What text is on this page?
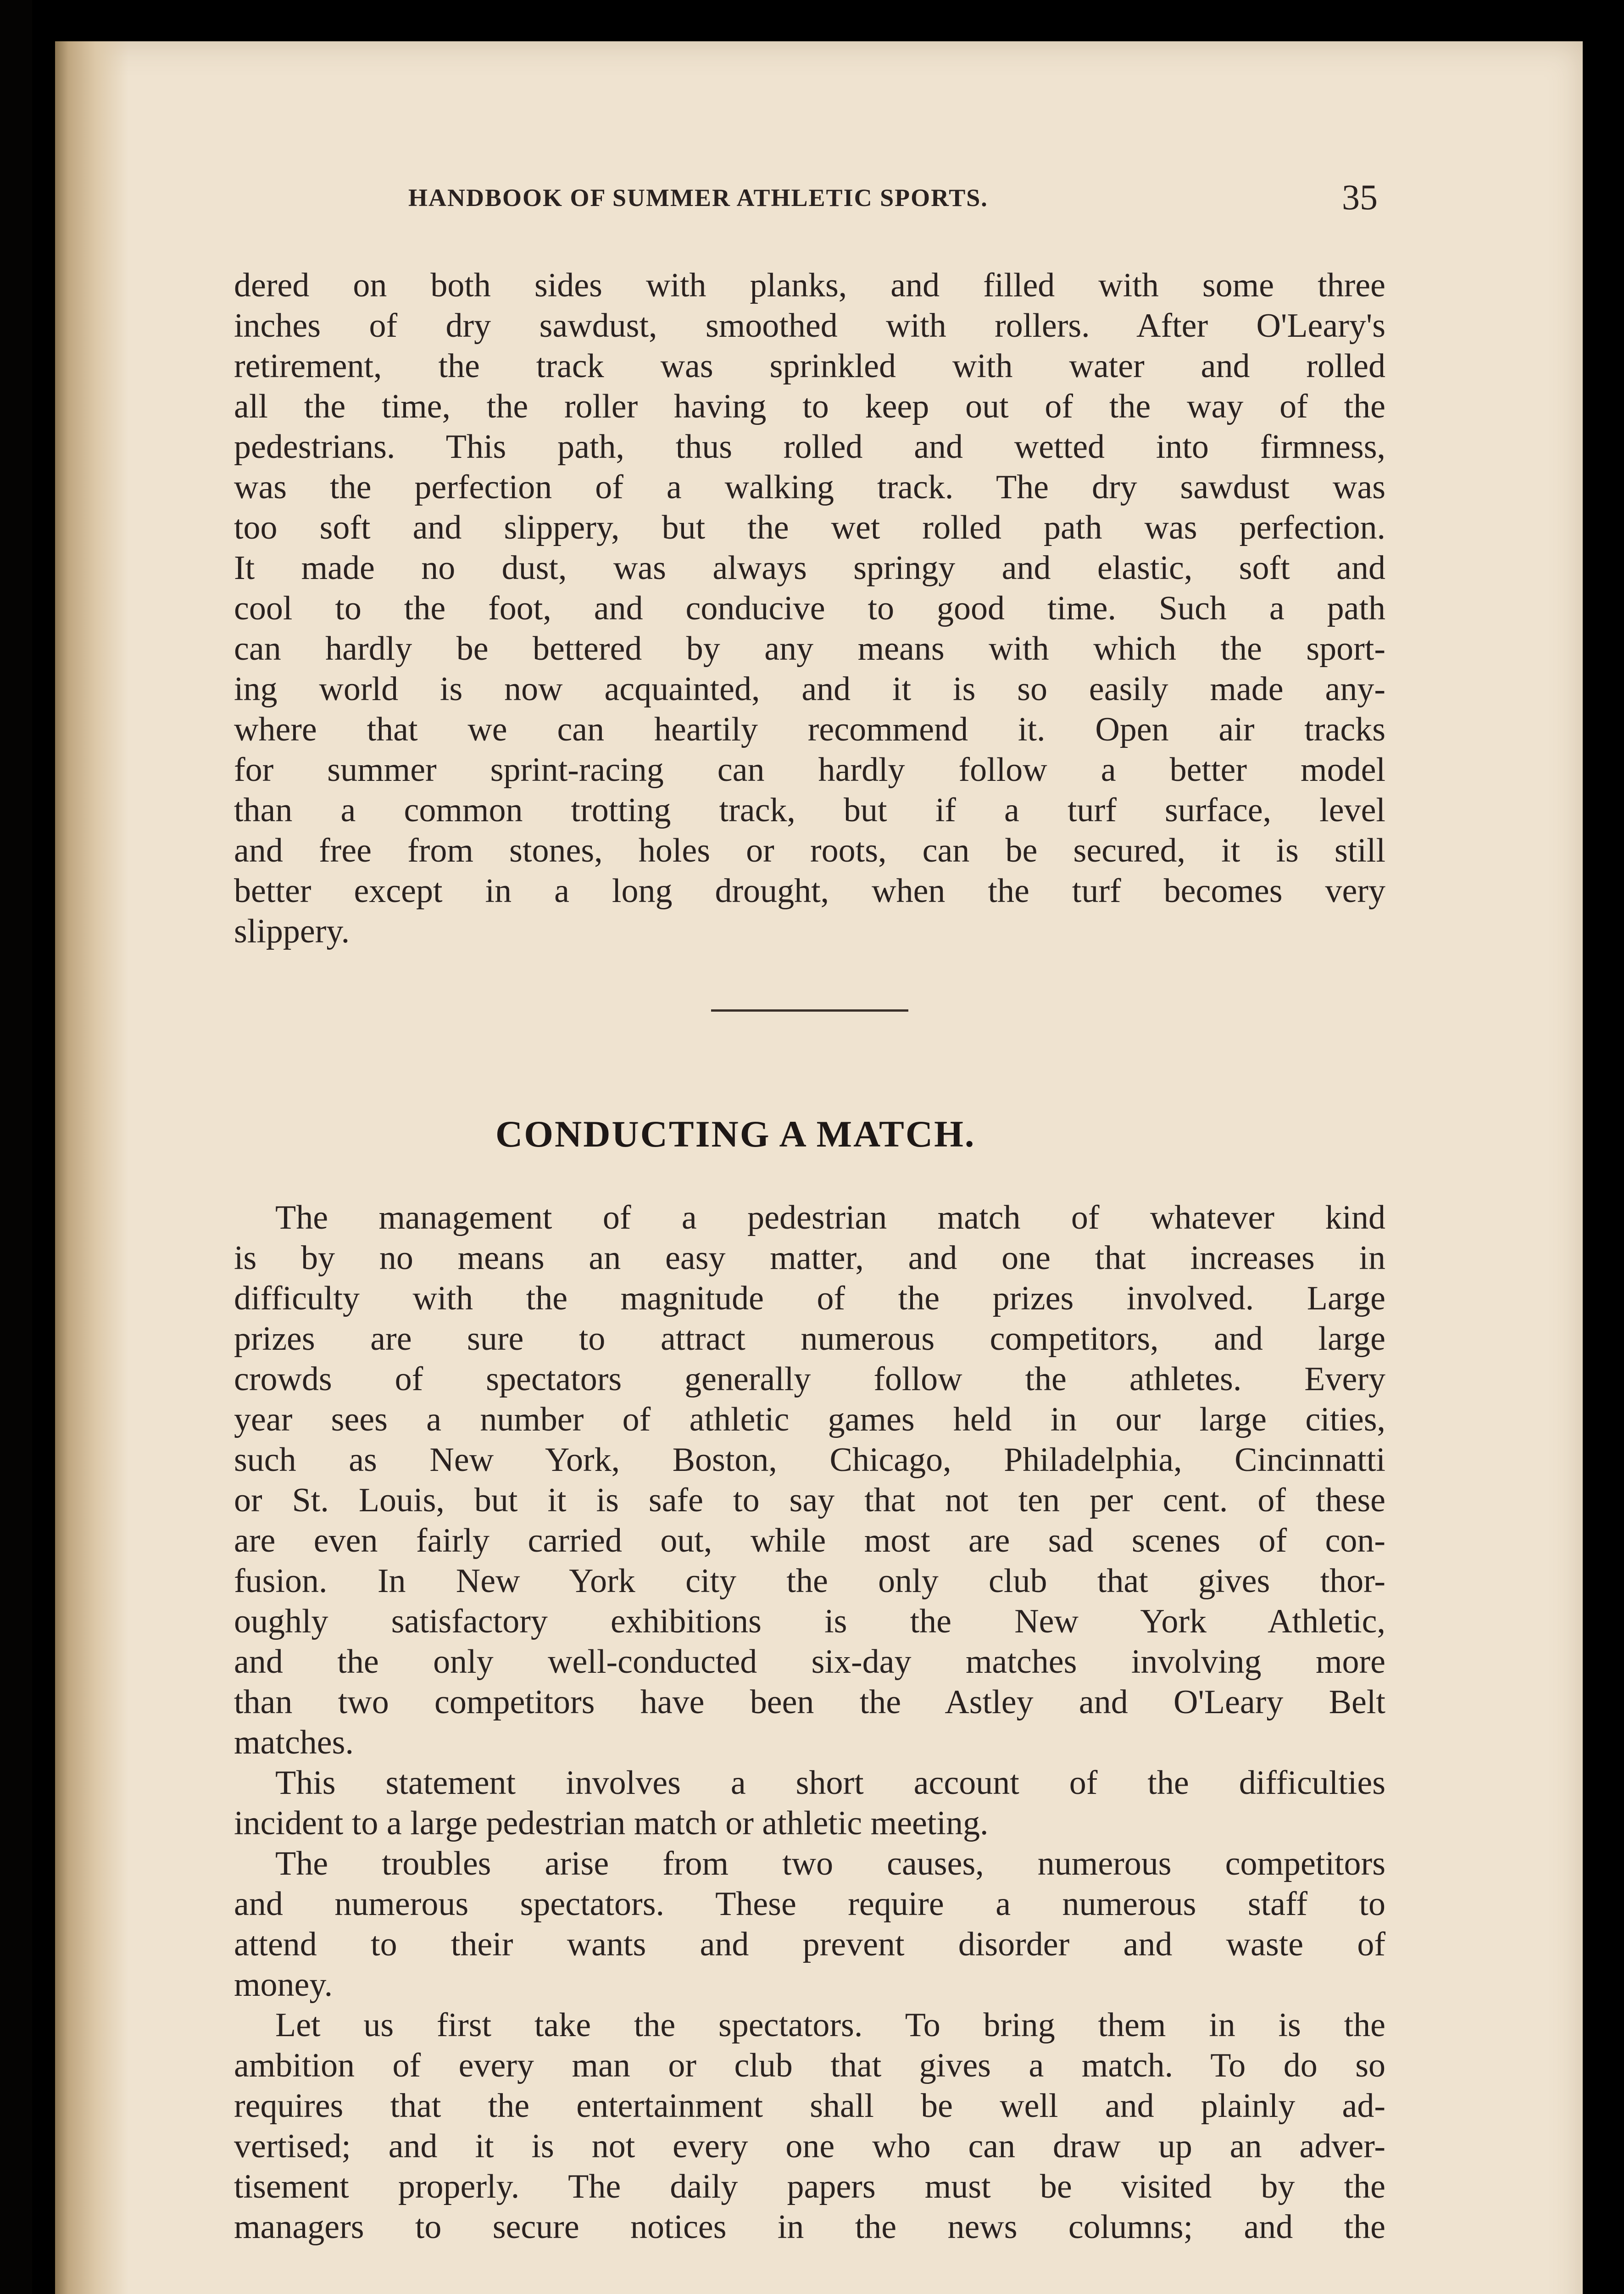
HANDBOOK OF SUMMER ATHLETIC SPORTS.	35
dered on both sides with planks, and filled with some three
inches of dry sawdust, smoothed with rollers. After O'Leary's
retirement, the track was sprinkled with water and rolled
all the time, the roller having to keep out of the way of the
pedestrians. This path, thus rolled and wetted into firmness,
was the perfection of a walking track. The dry sawdust was
too soft and slippery, but the wet rolled path was perfection.
It made no dust, was always springy and elastic, soft and
cool to the foot, and conducive to good time. Such a path
can hardly be bettered by any means with which the sport-
ing world is now acquainted, and it is so easily made any-
where that we can heartily recommend it. Open air tracks
for summer sprint-racing can hardly follow a better model
than a common trotting track, but if a turf surface, level
and free from stones, holes or roots, can be secured, it is still
better except in a long drought, when the turf becomes very
slippery.
CONDUCTING A MATCH.
The management of a pedestrian match of whatever kind
is by no means an easy matter, and one that increases in
difficulty with the magnitude of the prizes involved. Large
prizes are sure to attract numerous competitors, and large
crowds of spectators generally follow the athletes. Every
year sees a number of athletic games held in our large cities,
such as New York, Boston, Chicago, Philadelphia, Cincinnatti
or St. Louis, but it is safe to say that not ten per cent. of these
are even fairly carried out, while most are sad scenes of con-
fusion. In New York city the only club that gives thor-
oughly satisfactory exhibitions is the New York Athletic,
and the only well-conducted six-day matches involving more
than two competitors have been the Astley and O'Leary Belt
matches.
This statement involves a short account of the difficulties
incident to a large pedestrian match or athletic meeting.
The troubles arise from two causes, numerous competitors
and numerous spectators. These require a numerous staff to
attend to their wants and prevent disorder and waste of
money.
Let us first take the spectators. To bring them in is the
ambition of every man or club that gives a match. To do so
requires that the entertainment shall be well and plainly ad-
vertised; and it is not every one who can draw up an adver-
tisement properly. The daily papers must be visited by the
managers to secure notices in the news columns; and the
